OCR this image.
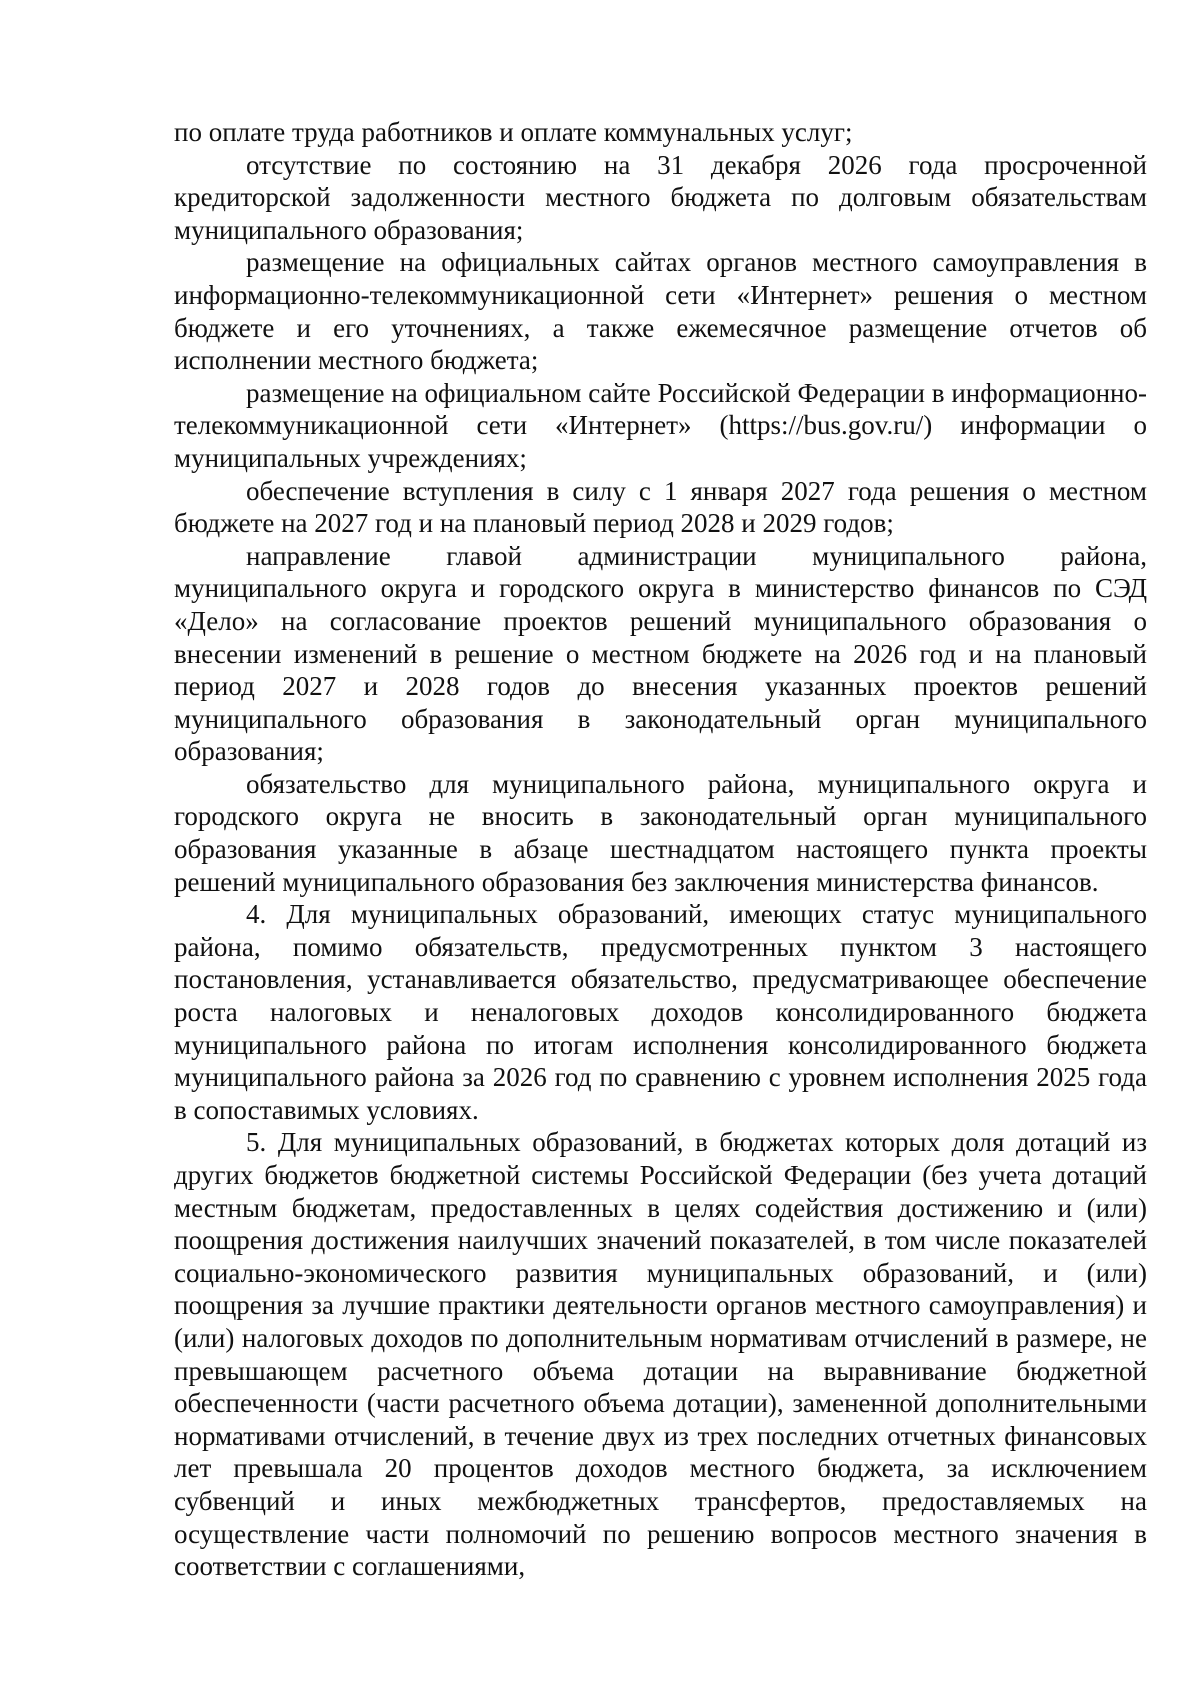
по оплате труда работников и оплате коммунальных услуг;

отсутствие по состоянию на 31 декабря 2026 года просроченной кредиторской задолженности местного бюджета по долговым обязательствам муниципального образования;

размещение на официальных сайтах органов местного самоуправления в информационно-телекоммуникационной сети «Интернет» решения о местном бюджете и его уточнениях, а также ежемесячное размещение отчетов об исполнении местного бюджета;

размещение на официальном сайте Российской Федерации в информационно-телекоммуникационной сети «Интернет» (https://bus.gov.ru/) информации о муниципальных учреждениях;

обеспечение вступления в силу с 1 января 2027 года решения о местном бюджете на 2027 год и на плановый период 2028 и 2029 годов;

направление главой администрации муниципального района, муниципального округа и городского округа в министерство финансов по СЭД «Дело» на согласование проектов решений муниципального образования о внесении изменений в решение о местном бюджете на 2026 год и на плановый период 2027 и 2028 годов до внесения указанных проектов решений муниципального образования в законодательный орган муниципального образования;

обязательство для муниципального района, муниципального округа и городского округа не вносить в законодательный орган муниципального образования указанные в абзаце шестнадцатом настоящего пункта проекты решений муниципального образования без заключения министерства финансов.

4. Для муниципальных образований, имеющих статус муниципального района, помимо обязательств, предусмотренных пунктом 3 настоящего постановления, устанавливается обязательство, предусматривающее обеспечение роста налоговых и неналоговых доходов консолидированного бюджета муниципального района по итогам исполнения консолидированного бюджета муниципального района за 2026 год по сравнению с уровнем исполнения 2025 года в сопоставимых условиях.

5. Для муниципальных образований, в бюджетах которых доля дотаций из других бюджетов бюджетной системы Российской Федерации (без учета дотаций местным бюджетам, предоставленных в целях содействия достижению и (или) поощрения достижения наилучших значений показателей, в том числе показателей социально-экономического развития муниципальных образований, и (или) поощрения за лучшие практики деятельности органов местного самоуправления) и (или) налоговых доходов по дополнительным нормативам отчислений в размере, не превышающем расчетного объема дотации на выравнивание бюджетной обеспеченности (части расчетного объема дотации), замененной дополнительными нормативами отчислений, в течение двух из трех последних отчетных финансовых лет превышала 20 процентов доходов местного бюджета, за исключением субвенций и иных межбюджетных трансфертов, предоставляемых на осуществление части полномочий по решению вопросов местного значения в соответствии с соглашениями,
